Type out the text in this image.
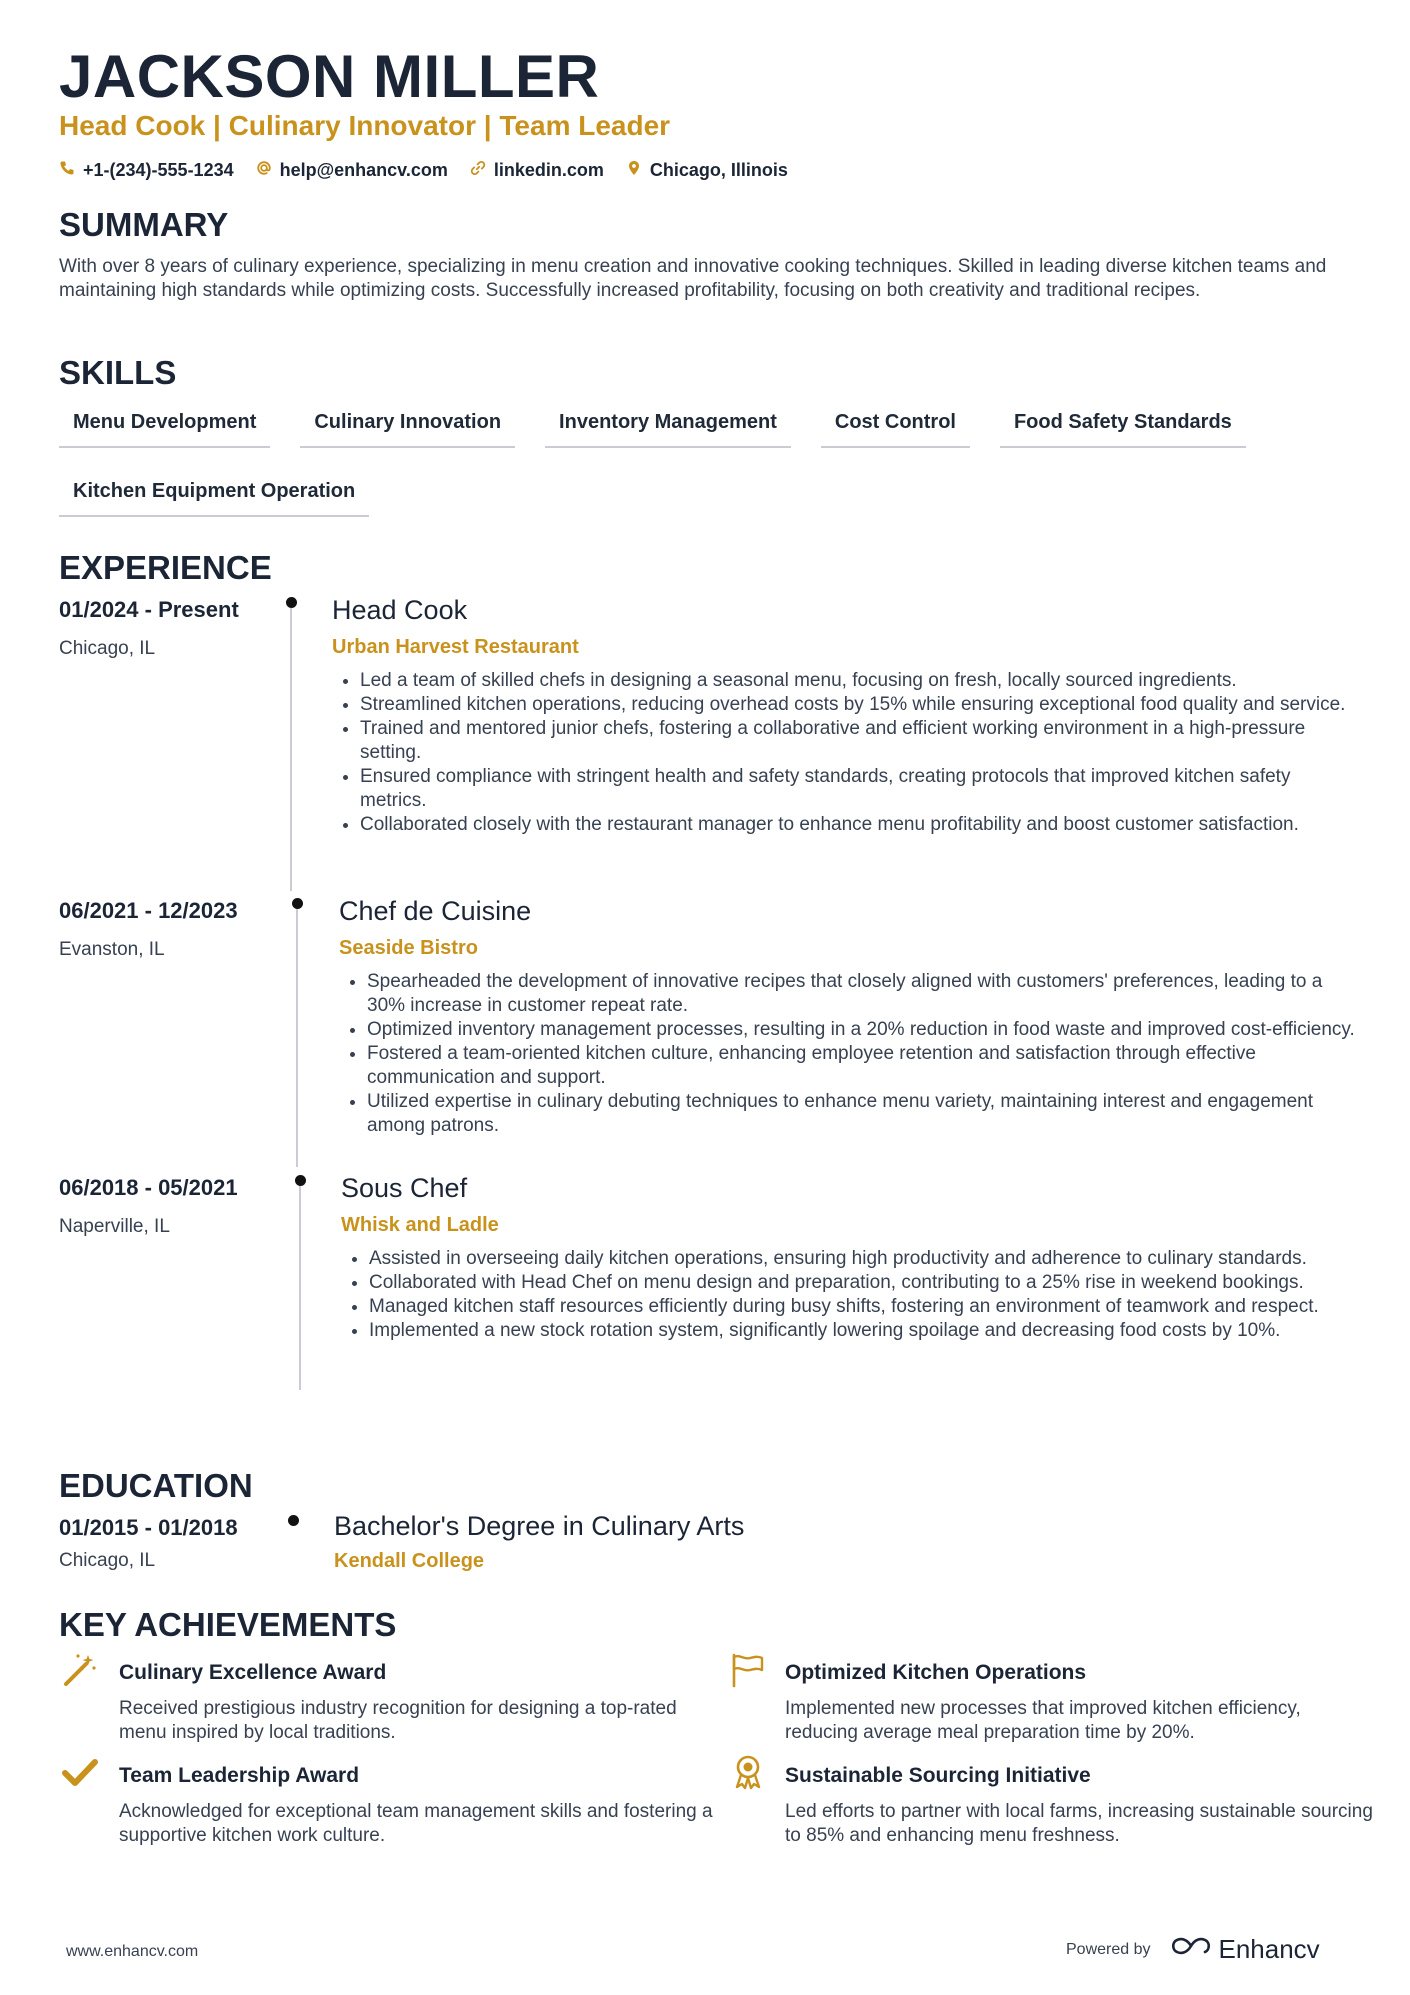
JACKSON MILLER
Head Cook | Culinary Innovator | Team Leader
+1-(234)-555-1234	help@enhancv.com	linkedin.com	Chicago, Illinois
SUMMARY
With over 8 years of culinary experience, specializing in menu creation and innovative cooking techniques. Skilled in leading diverse kitchen teams and maintaining high standards while optimizing costs. Successfully increased profitability, focusing on both creativity and traditional recipes.
SKILLS
Menu Development	Culinary Innovation	Inventory Management	Cost Control	Food Safety Standards
Kitchen Equipment Operation
EXPERIENCE
01/2024 - Present
Chicago, IL
Head Cook
Urban Harvest Restaurant
• Led a team of skilled chefs in designing a seasonal menu, focusing on fresh, locally sourced ingredients.
• Streamlined kitchen operations, reducing overhead costs by 15% while ensuring exceptional food quality and service.
• Trained and mentored junior chefs, fostering a collaborative and efficient working environment in a high-pressure setting.
• Ensured compliance with stringent health and safety standards, creating protocols that improved kitchen safety metrics.
• Collaborated closely with the restaurant manager to enhance menu profitability and boost customer satisfaction.
06/2021 - 12/2023
Evanston, IL
Chef de Cuisine
Seaside Bistro
• Spearheaded the development of innovative recipes that closely aligned with customers' preferences, leading to a 30% increase in customer repeat rate.
• Optimized inventory management processes, resulting in a 20% reduction in food waste and improved cost-efficiency.
• Fostered a team-oriented kitchen culture, enhancing employee retention and satisfaction through effective communication and support.
• Utilized expertise in culinary debuting techniques to enhance menu variety, maintaining interest and engagement among patrons.
06/2018 - 05/2021
Naperville, IL
Sous Chef
Whisk and Ladle
• Assisted in overseeing daily kitchen operations, ensuring high productivity and adherence to culinary standards.
• Collaborated with Head Chef on menu design and preparation, contributing to a 25% rise in weekend bookings.
• Managed kitchen staff resources efficiently during busy shifts, fostering an environment of teamwork and respect.
• Implemented a new stock rotation system, significantly lowering spoilage and decreasing food costs by 10%.
EDUCATION
01/2015 - 01/2018
Chicago, IL
Bachelor's Degree in Culinary Arts
Kendall College
KEY ACHIEVEMENTS
Culinary Excellence Award
Received prestigious industry recognition for designing a top-rated menu inspired by local traditions.
Optimized Kitchen Operations
Implemented new processes that improved kitchen efficiency, reducing average meal preparation time by 20%.
Team Leadership Award
Acknowledged for exceptional team management skills and fostering a supportive kitchen work culture.
Sustainable Sourcing Initiative
Led efforts to partner with local farms, increasing sustainable sourcing to 85% and enhancing menu freshness.
www.enhancv.com	Powered by	Enhancv
